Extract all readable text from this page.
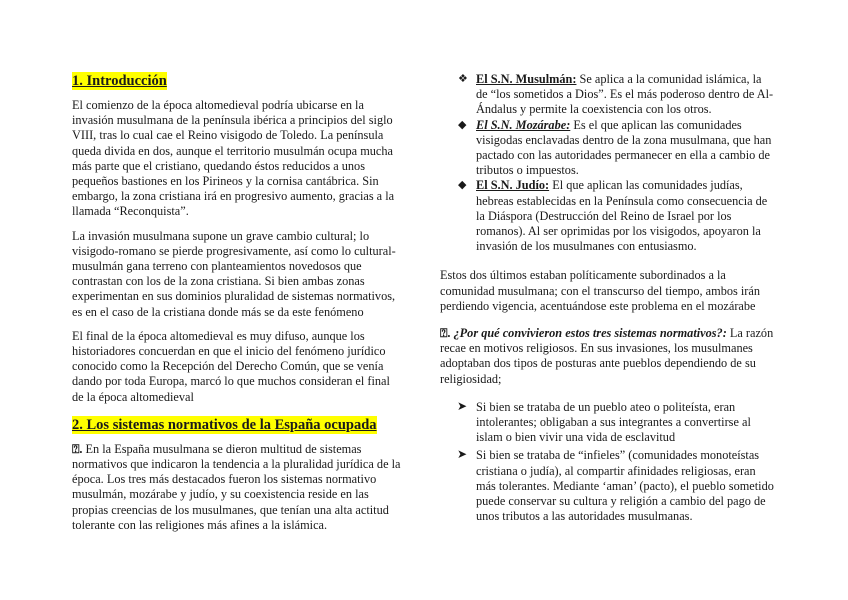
1. Introducción

El comienzo de la época altomedieval podría ubicarse en la invasión musulmana de la península ibérica a principios del siglo VIII, tras lo cual cae el Reino visigodo de Toledo. La península queda divida en dos, aunque el territorio musulmán ocupa mucha más parte que el cristiano, quedando éstos reducidos a unos pequeños bastiones en los Pirineos y la cornisa cantábrica. Sin embargo, la zona cristiana irá en progresivo aumento, gracias a la llamada “Reconquista”.

La invasión musulmana supone un grave cambio cultural; lo visigodo-romano se pierde progresivamente, así como lo cultural-musulmán gana terreno con planteamientos novedosos que contrastan con los de la zona cristiana. Si bien ambas zonas experimentan en sus dominios pluralidad de sistemas normativos, es en el caso de la cristiana donde más se da este fenómeno

El final de la época altomedieval es muy difuso, aunque los historiadores concuerdan en que el inicio del fenómeno jurídico conocido como la Recepción del Derecho Común, que se venía dando por toda Europa, marcó lo que muchos consideran el final de la época altomedieval

2. Los sistemas normativos de la España ocupada

⍰. En la España musulmana se dieron multitud de sistemas normativos que indicaron la tendencia a la pluralidad jurídica de la época. Los tres más destacados fueron los sistemas normativo musulmán, mozárabe y judío, y su coexistencia reside en las propias creencias de los musulmanes, que tenían una alta actitud tolerante con las religiones más afines a la islámica.

❖ El S.N. Musulmán: Se aplica a la comunidad islámica, la de “los sometidos a Dios”. Es el más poderoso dentro de Al-Ándalus y permite la coexistencia con los otros.
◆ El S.N. Mozárabe: Es el que aplican las comunidades visigodas enclavadas dentro de la zona musulmana, que han pactado con las autoridades permanecer en ella a cambio de tributos o impuestos.
◆ El S.N. Judío: El que aplican las comunidades judías, hebreas establecidas en la Península como consecuencia de la Diáspora (Destrucción del Reino de Israel por los romanos). Al ser oprimidas por los visigodos, apoyaron la invasión de los musulmanes con entusiasmo.

Estos dos últimos estaban políticamente subordinados a la comunidad musulmana; con el transcurso del tiempo, ambos irán perdiendo vigencia, acentuándose este problema en el mozárabe

⍰. ¿Por qué convivieron estos tres sistemas normativos?: La razón recae en motivos religiosos. En sus invasiones, los musulmanes adoptaban dos tipos de posturas ante pueblos dependiendo de su religiosidad;

➤ Si bien se trataba de un pueblo ateo o politeísta, eran intolerantes; obligaban a sus integrantes a convertirse al islam o bien vivir una vida de esclavitud
➤ Si bien se trataba de “infieles” (comunidades monoteístas cristiana o judía), al compartir afinidades religiosas, eran más tolerantes. Mediante ‘aman’ (pacto), el pueblo sometido puede conservar su cultura y religión a cambio del pago de unos tributos a las autoridades musulmanas.
